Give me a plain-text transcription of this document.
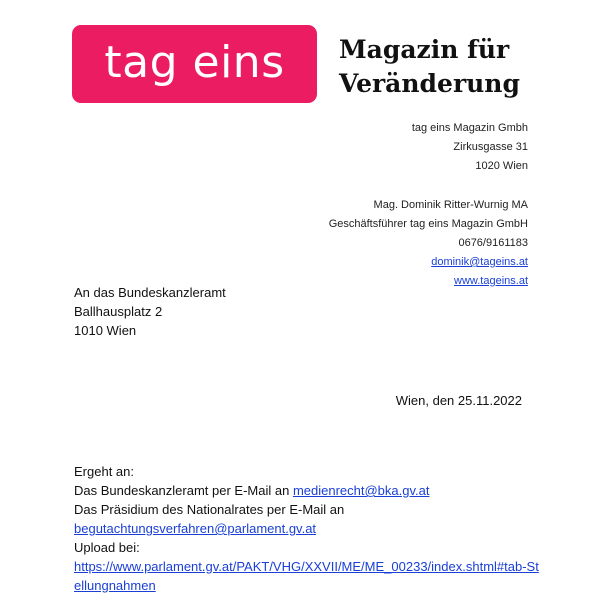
tag eins	Magazin für
Veränderung
tag eins Magazin Gmbh
Zirkusgasse 31
1020 Wien
Mag. Dominik Ritter-Wurnig MA
Geschäftsführer tag eins Magazin GmbH
0676/9161183
dominik@tageins.at
www.tageins.at
An das Bundeskanzleramt
Ballhausplatz 2
1010 Wien
Wien, den 25.11.2022
Ergeht an:
Das Bundeskanzleramt per E-Mail an medienrecht@bka.gv.at
Das Präsidium des Nationalrates per E-Mail an
begutachtungsverfahren@parlament.gv.at
Upload bei:
https://www.parlament.gv.at/PAKT/VHG/XXVII/ME/ME_00233/index.shtml#tab-St
ellungnahmen
